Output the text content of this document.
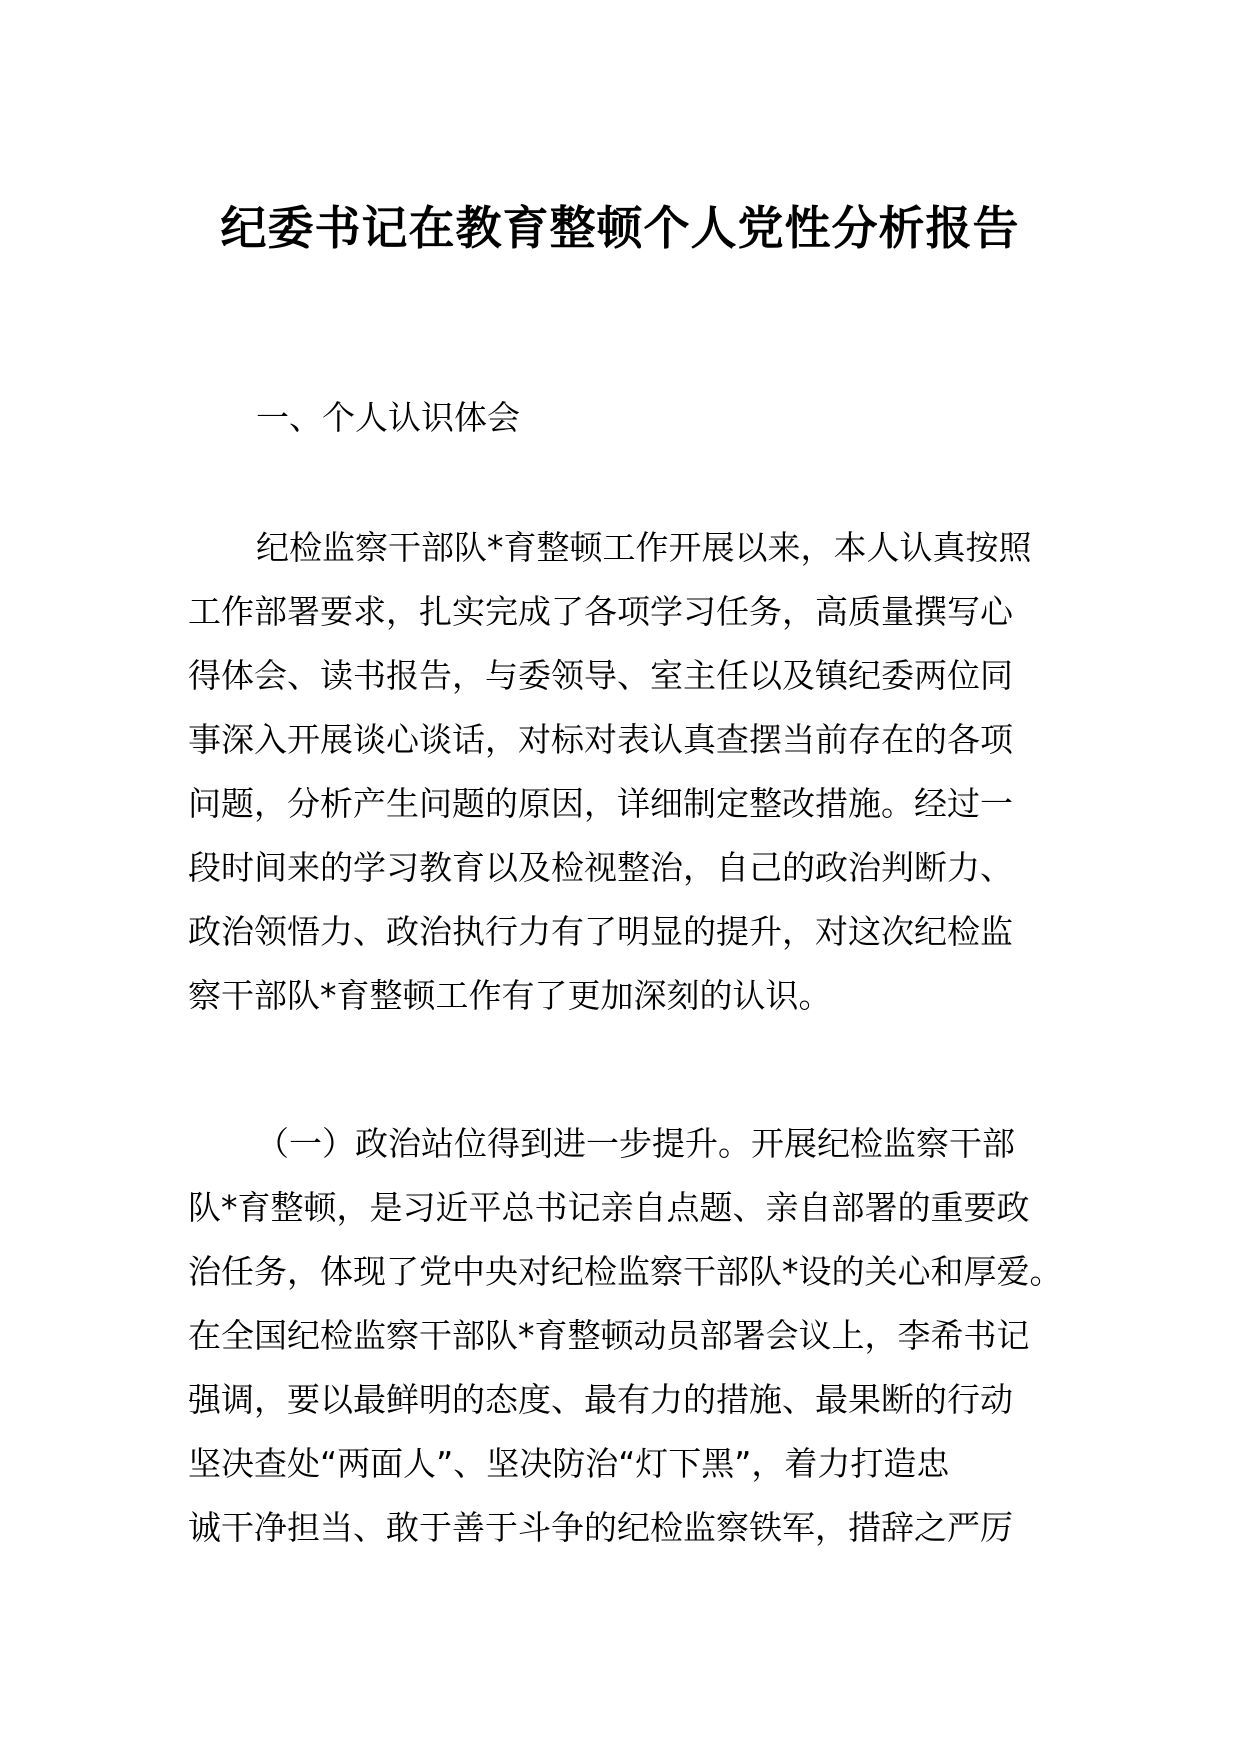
纪委书记在教育整顿个人党性分析报告
一、个人认识体会
纪检监察干部队*育整顿工作开展以来，本人认真按照
工作部署要求，扎实完成了各项学习任务，高质量撰写心
得体会、读书报告，与委领导、室主任以及镇纪委两位同
事深入开展谈心谈话，对标对表认真查摆当前存在的各项
问题，分析产生问题的原因，详细制定整改措施。经过一
段时间来的学习教育以及检视整治，自己的政治判断力、
政治领悟力、政治执行力有了明显的提升，对这次纪检监
察干部队*育整顿工作有了更加深刻的认识。
（一）政治站位得到进一步提升。开展纪检监察干部
队*育整顿，是习近平总书记亲自点题、亲自部署的重要政
治任务，体现了党中央对纪检监察干部队*设的关心和厚爱。
在全国纪检监察干部队*育整顿动员部署会议上，李希书记
强调，要以最鲜明的态度、最有力的措施、最果断的行动
坚决查处“两面人”、坚决防治“灯下黑”，着力打造忠
诚干净担当、敢于善于斗争的纪检监察铁军，措辞之严厉
